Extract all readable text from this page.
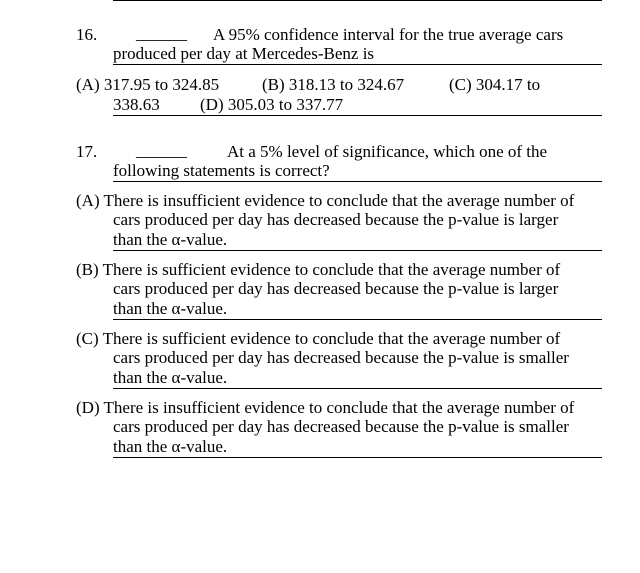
16. ______ A 95% confidence interval for the true average cars
produced per day at Mercedes-Benz is
(A) 317.95 to 324.85	(B) 318.13 to 324.67	(C) 304.17 to
338.63 (D) 305.03 to 337.77
17. ______ At a 5% level of significance, which one of the
following statements is correct?
(A) There is insufficient evidence to conclude that the average number of
cars produced per day has decreased because the p-value is larger
than the α-value.
(B) There is sufficient evidence to conclude that the average number of
cars produced per day has decreased because the p-value is larger
than the α-value.
(C) There is sufficient evidence to conclude that the average number of
cars produced per day has decreased because the p-value is smaller
than the α-value.
(D) There is insufficient evidence to conclude that the average number of
cars produced per day has decreased because the p-value is smaller
than the α-value.
